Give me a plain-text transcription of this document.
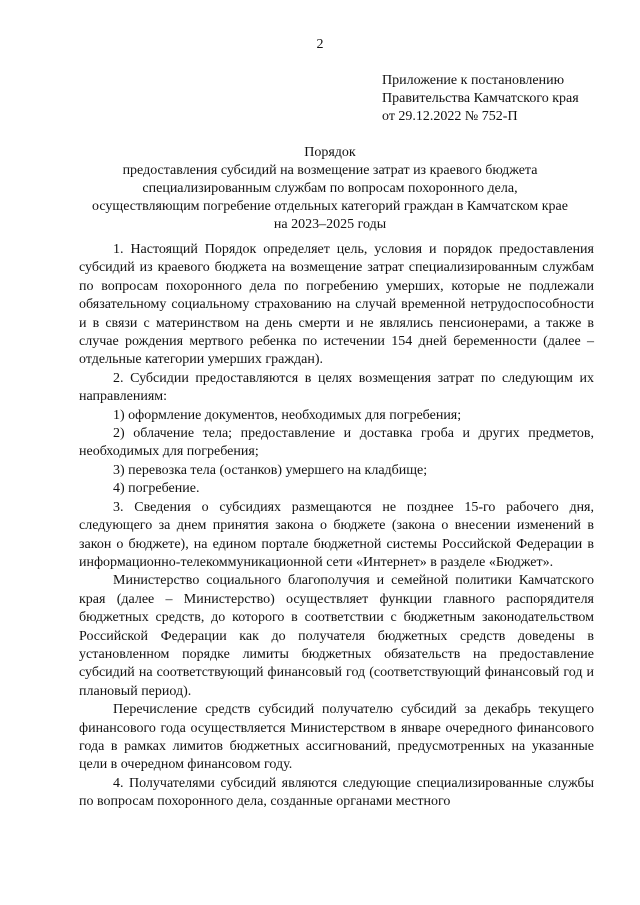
2
Приложение к постановлению
Правительства Камчатского края
от 29.12.2022 № 752-П
Порядок
предоставления субсидий на возмещение затрат из краевого бюджета
специализированным службам по вопросам похоронного дела,
осуществляющим погребение отдельных категорий граждан в Камчатском крае
на 2023–2025 годы

1. Настоящий Порядок определяет цель, условия и порядок предоставления субсидий из краевого бюджета на возмещение затрат специализированным службам по вопросам похоронного дела по погребению умерших, которые не подлежали обязательному социальному страхованию на случай временной нетрудоспособности и в связи с материнством на день смерти и не являлись пенсионерами, а также в случае рождения мертвого ребенка по истечении 154 дней беременности (далее – отдельные категории умерших граждан).

2. Субсидии предоставляются в целях возмещения затрат по следующим их направлениям:

1) оформление документов, необходимых для погребения;

2) облачение тела; предоставление и доставка гроба и других предметов, необходимых для погребения;

3) перевозка тела (останков) умершего на кладбище;

4) погребение.

3. Сведения о субсидиях размещаются не позднее 15-го рабочего дня, следующего за днем принятия закона о бюджете (закона о внесении изменений в закон о бюджете), на едином портале бюджетной системы Российской Федерации в информационно-телекоммуникационной сети «Интернет» в разделе «Бюджет».

Министерство социального благополучия и семейной политики Камчатского края (далее – Министерство) осуществляет функции главного распорядителя бюджетных средств, до которого в соответствии с бюджетным законодательством Российской Федерации как до получателя бюджетных средств доведены в установленном порядке лимиты бюджетных обязательств на предоставление субсидий на соответствующий финансовый год (соответствующий финансовый год и плановый период).

Перечисление средств субсидий получателю субсидий за декабрь текущего финансового года осуществляется Министерством в январе очередного финансового года в рамках лимитов бюджетных ассигнований, предусмотренных на указанные цели в очередном финансовом году.

4. Получателями субсидий являются следующие специализированные службы по вопросам похоронного дела, созданные органами местного
